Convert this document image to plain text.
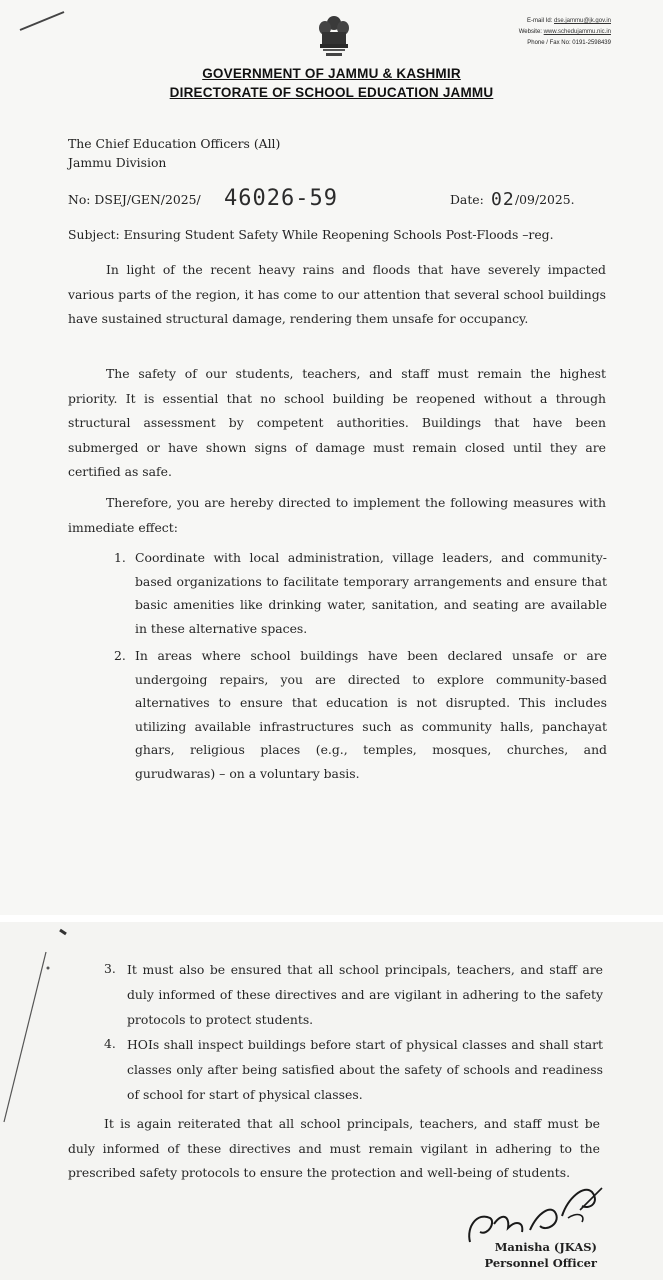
E-mail Id: dse.jammu@jk.gov.in
Website: www.schedujammu.nic.in
Phone / Fax No: 0191-2598439
GOVERNMENT OF JAMMU & KASHMIR
DIRECTORATE OF SCHOOL EDUCATION JAMMU
The Chief Education Officers (All)
Jammu Division
No: DSEJ/GEN/2025/ 46026-59	Date: 02 /09/2025.
Subject: Ensuring Student Safety While Reopening Schools Post-Floods –reg.
In light of the recent heavy rains and floods that have severely impacted various parts of the region, it has come to our attention that several school buildings have sustained structural damage, rendering them unsafe for occupancy.
The safety of our students, teachers, and staff must remain the highest priority. It is essential that no school building be reopened without a through structural assessment by competent authorities. Buildings that have been submerged or have shown signs of damage must remain closed until they are certified as safe.
Therefore, you are hereby directed to implement the following measures with immediate effect:
1. Coordinate with local administration, village leaders, and community-based organizations to facilitate temporary arrangements and ensure that basic amenities like drinking water, sanitation, and seating are available in these alternative spaces.
2. In areas where school buildings have been declared unsafe or are undergoing repairs, you are directed to explore community-based alternatives to ensure that education is not disrupted. This includes utilizing available infrastructures such as community halls, panchayat ghars, religious places (e.g., temples, mosques, churches, and gurudwaras) – on a voluntary basis.
3. It must also be ensured that all school principals, teachers, and staff are duly informed of these directives and are vigilant in adhering to the safety protocols to protect students.
4. HOIs shall inspect buildings before start of physical classes and shall start classes only after being satisfied about the safety of schools and readiness of school for start of physical classes.
It is again reiterated that all school principals, teachers, and staff must be duly informed of these directives and must remain vigilant in adhering to the prescribed safety protocols to ensure the protection and well-being of students.
Manisha (JKAS)
Personnel Officer
